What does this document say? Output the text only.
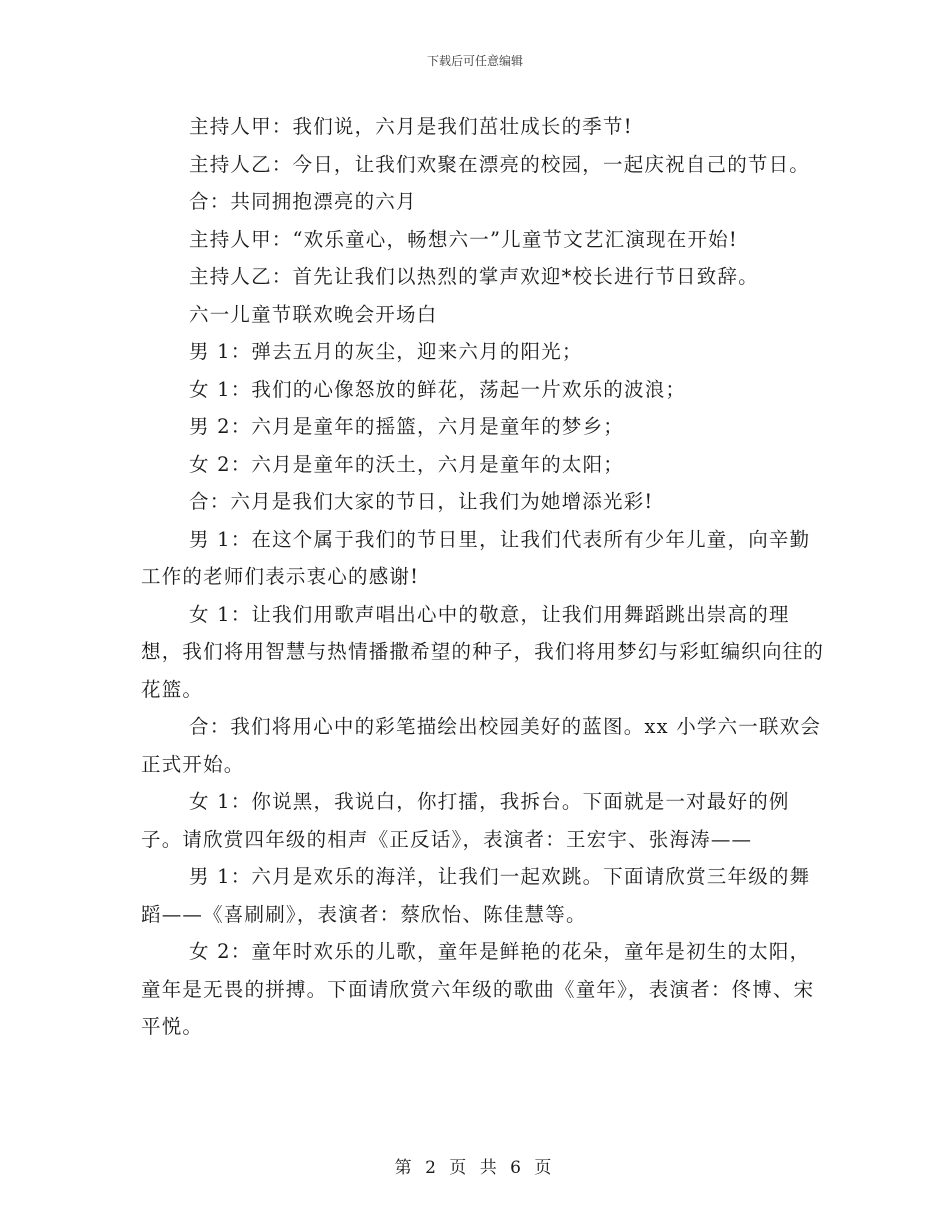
下载后可任意编辑

主持人甲：我们说，六月是我们茁壮成长的季节!

主持人乙：今日，让我们欢聚在漂亮的校园，一起庆祝自己的节日。

合：共同拥抱漂亮的六月

主持人甲：“欢乐童心，畅想六一”儿童节文艺汇演现在开始!

主持人乙：首先让我们以热烈的掌声欢迎*校长进行节日致辞。

六一儿童节联欢晚会开场白

男 1：弹去五月的灰尘，迎来六月的阳光；

女 1：我们的心像怒放的鲜花，荡起一片欢乐的波浪；

男 2：六月是童年的摇篮，六月是童年的梦乡；

女 2：六月是童年的沃土，六月是童年的太阳；

合：六月是我们大家的节日，让我们为她增添光彩!

男 1：在这个属于我们的节日里，让我们代表所有少年儿童，向辛勤工作的老师们表示衷心的感谢!

女 1：让我们用歌声唱出心中的敬意，让我们用舞蹈跳出崇高的理想，我们将用智慧与热情播撒希望的种子，我们将用梦幻与彩虹编织向往的花篮。

合：我们将用心中的彩笔描绘出校园美好的蓝图。xx 小学六一联欢会正式开始。

女 1：你说黑，我说白，你打擂，我拆台。下面就是一对最好的例子。请欣赏四年级的相声《正反话》，表演者：王宏宇、张海涛——

男 1：六月是欢乐的海洋，让我们一起欢跳。下面请欣赏三年级的舞蹈——《喜刷刷》，表演者：蔡欣怡、陈佳慧等。

女 2：童年时欢乐的儿歌，童年是鲜艳的花朵，童年是初生的太阳，童年是无畏的拼搏。下面请欣赏六年级的歌曲《童年》，表演者：佟博、宋平悦。

第 2 页 共 6 页
